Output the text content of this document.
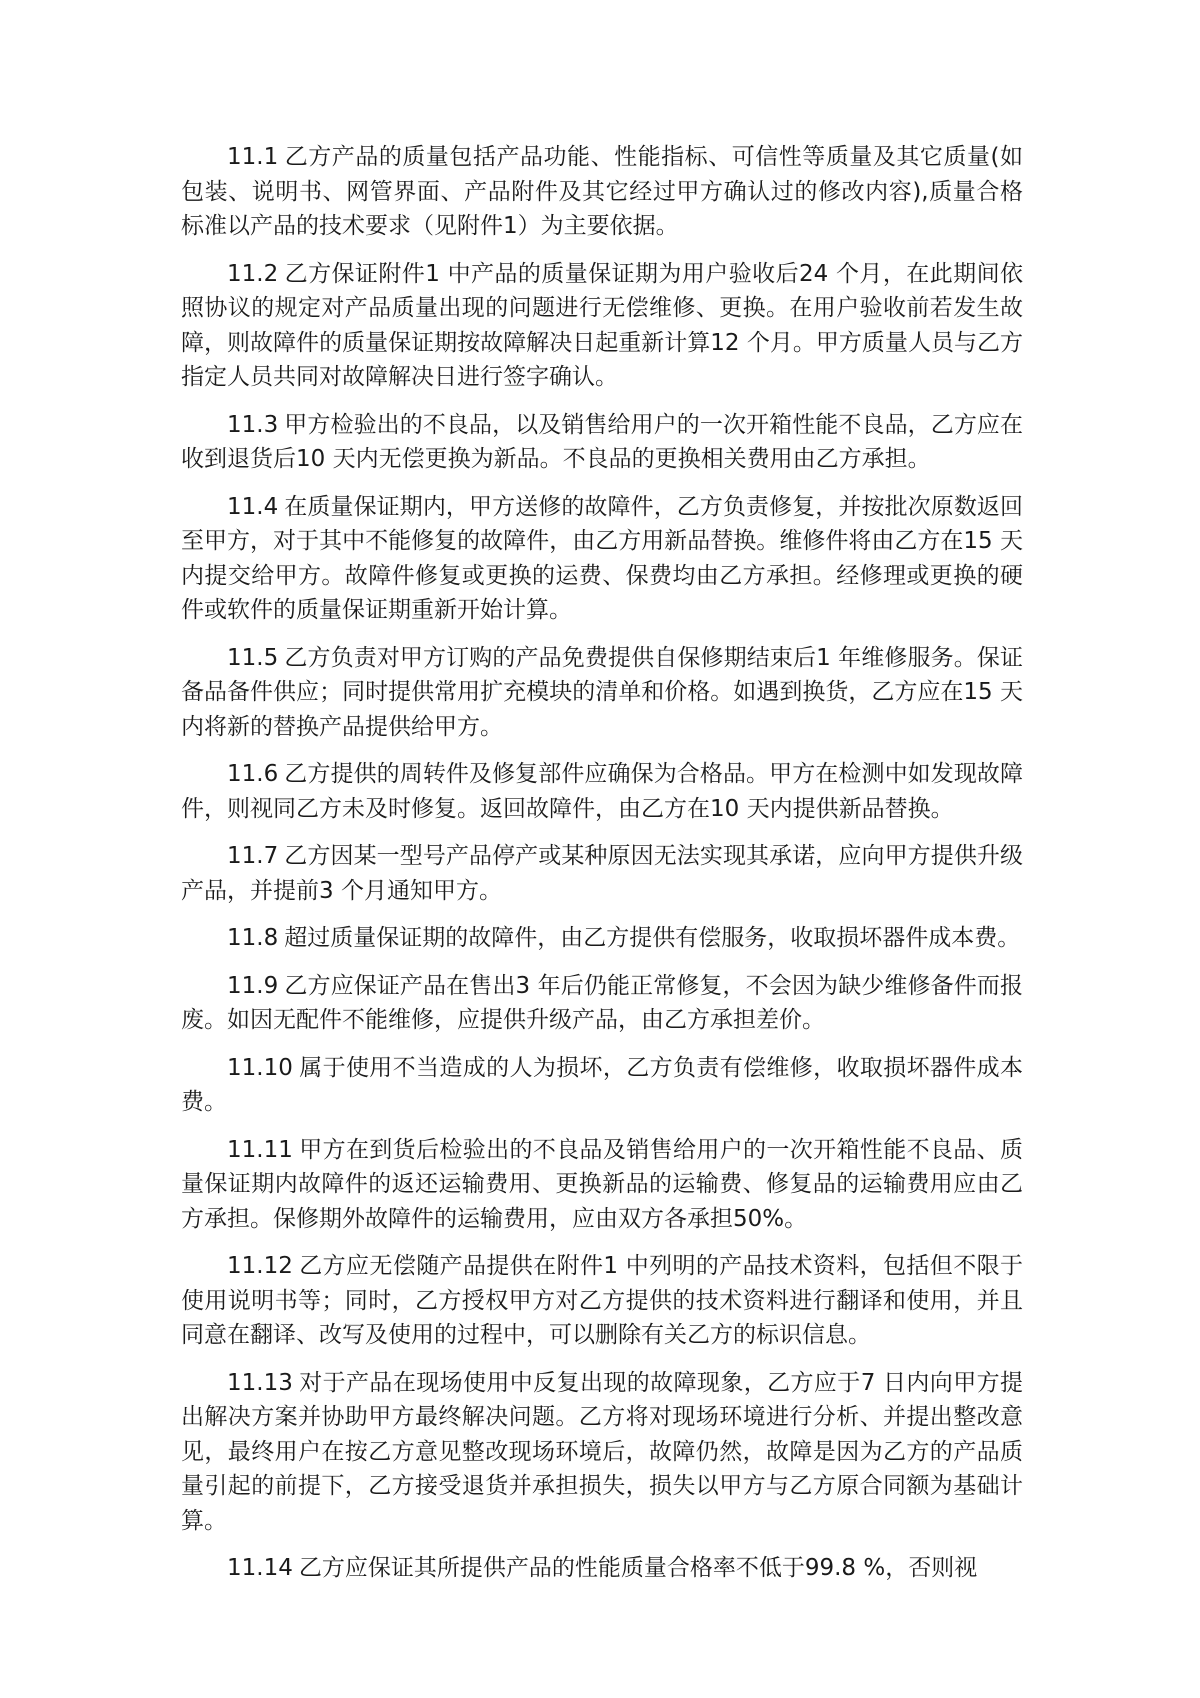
11.1 乙方产品的质量包括产品功能、性能指标、可信性等质量及其它质量(如包装、说明书、网管界面、产品附件及其它经过甲方确认过的修改内容),质量合格标准以产品的技术要求（见附件1）为主要依据。

11.2 乙方保证附件1 中产品的质量保证期为用户验收后24 个月，在此期间依照协议的规定对产品质量出现的问题进行无偿维修、更换。在用户验收前若发生故障，则故障件的质量保证期按故障解决日起重新计算12 个月。甲方质量人员与乙方指定人员共同对故障解决日进行签字确认。

11.3 甲方检验出的不良品，以及销售给用户的一次开箱性能不良品，乙方应在收到退货后10 天内无偿更换为新品。不良品的更换相关费用由乙方承担。

11.4 在质量保证期内，甲方送修的故障件，乙方负责修复，并按批次原数返回至甲方，对于其中不能修复的故障件，由乙方用新品替换。维修件将由乙方在15 天内提交给甲方。故障件修复或更换的运费、保费均由乙方承担。经修理或更换的硬件或软件的质量保证期重新开始计算。

11.5 乙方负责对甲方订购的产品免费提供自保修期结束后1 年维修服务。保证备品备件供应；同时提供常用扩充模块的清单和价格。如遇到换货，乙方应在15 天内将新的替换产品提供给甲方。

11.6 乙方提供的周转件及修复部件应确保为合格品。甲方在检测中如发现故障件，则视同乙方未及时修复。返回故障件，由乙方在10 天内提供新品替换。

11.7 乙方因某一型号产品停产或某种原因无法实现其承诺，应向甲方提供升级产品，并提前3 个月通知甲方。

11.8 超过质量保证期的故障件，由乙方提供有偿服务，收取损坏器件成本费。

11.9 乙方应保证产品在售出3 年后仍能正常修复，不会因为缺少维修备件而报废。如因无配件不能维修，应提供升级产品，由乙方承担差价。

11.10 属于使用不当造成的人为损坏，乙方负责有偿维修，收取损坏器件成本费。

11.11 甲方在到货后检验出的不良品及销售给用户的一次开箱性能不良品、质量保证期内故障件的返还运输费用、更换新品的运输费、修复品的运输费用应由乙方承担。保修期外故障件的运输费用，应由双方各承担50%。

11.12 乙方应无偿随产品提供在附件1 中列明的产品技术资料，包括但不限于使用说明书等；同时，乙方授权甲方对乙方提供的技术资料进行翻译和使用，并且同意在翻译、改写及使用的过程中，可以删除有关乙方的标识信息。

11.13 对于产品在现场使用中反复出现的故障现象，乙方应于7 日内向甲方提出解决方案并协助甲方最终解决问题。乙方将对现场环境进行分析、并提出整改意见，最终用户在按乙方意见整改现场环境后，故障仍然，故障是因为乙方的产品质量引起的前提下，乙方接受退货并承担损失，损失以甲方与乙方原合同额为基础计算。

11.14 乙方应保证其所提供产品的性能质量合格率不低于99.8 %，否则视
